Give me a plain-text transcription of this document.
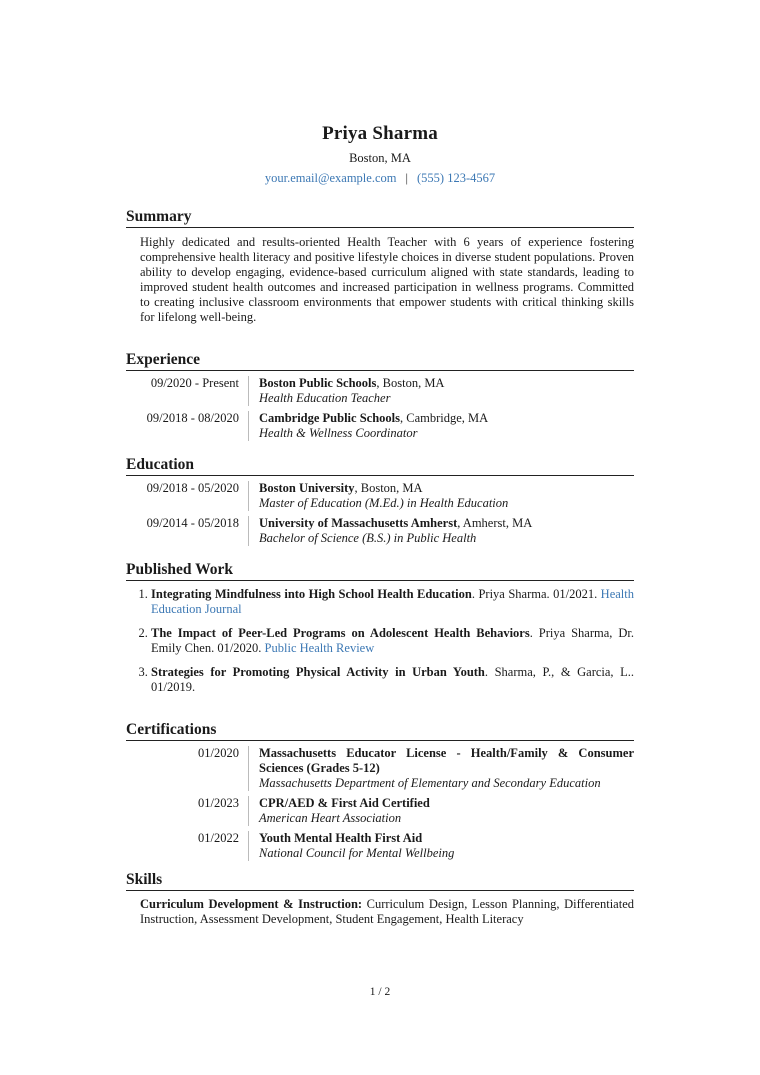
Priya Sharma
Boston, MA
your.email@example.com | (555) 123-4567
Summary
Highly dedicated and results-oriented Health Teacher with 6 years of experience fostering comprehensive health literacy and positive lifestyle choices in diverse student populations. Proven ability to develop engaging, evidence-based curriculum aligned with state standards, leading to improved student health outcomes and increased participation in wellness programs. Committed to creating inclusive classroom environments that empower students with critical thinking skills for lifelong well-being.
Experience
09/2020 - Present	Boston Public Schools, Boston, MA
Health Education Teacher
09/2018 - 08/2020	Cambridge Public Schools, Cambridge, MA
Health & Wellness Coordinator
Education
09/2018 - 05/2020	Boston University, Boston, MA
Master of Education (M.Ed.) in Health Education
09/2014 - 05/2018	University of Massachusetts Amherst, Amherst, MA
Bachelor of Science (B.S.) in Public Health
Published Work
1. Integrating Mindfulness into High School Health Education. Priya Sharma. 01/2021. Health Education Journal
2. The Impact of Peer-Led Programs on Adolescent Health Behaviors. Priya Sharma, Dr. Emily Chen. 01/2020. Public Health Review
3. Strategies for Promoting Physical Activity in Urban Youth. Sharma, P., & Garcia, L.. 01/2019.
Certifications
01/2020	Massachusetts Educator License - Health/Family & Consumer Sciences (Grades 5-12)
Massachusetts Department of Elementary and Secondary Education
01/2023	CPR/AED & First Aid Certified
American Heart Association
01/2022	Youth Mental Health First Aid
National Council for Mental Wellbeing
Skills
Curriculum Development & Instruction: Curriculum Design, Lesson Planning, Differentiated Instruction, Assessment Development, Student Engagement, Health Literacy
1 / 2
